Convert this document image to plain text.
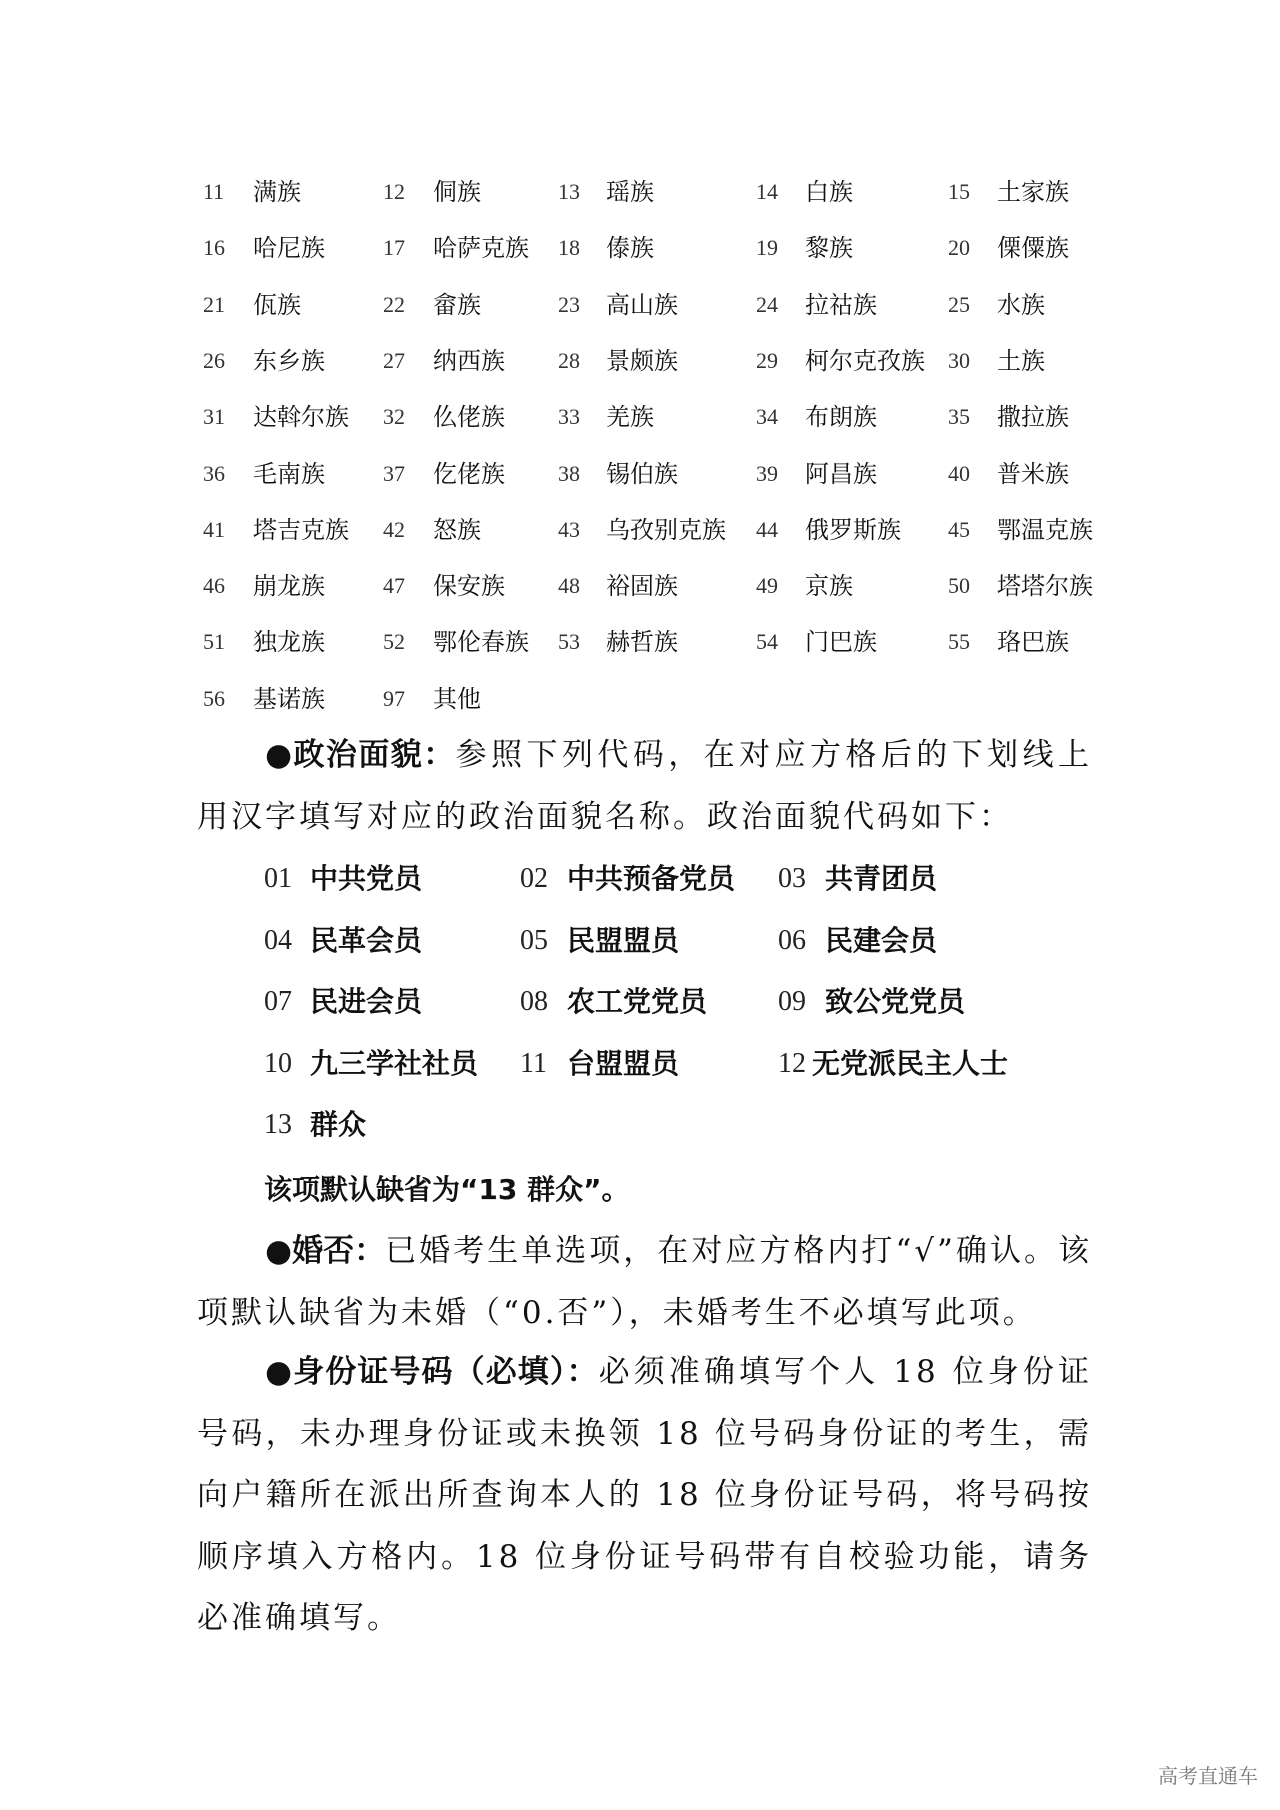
11 满族	12 侗族	13 瑶族	14 白族	15 土家族
16 哈尼族	17 哈萨克族 18 傣族	19 黎族	20 傈僳族
21 佤族	22 畲族	23 高山族	24 拉祜族	25 水族
26 东乡族	27 纳西族 28 景颇族	29 柯尔克孜族 30 土族
31 达斡尔族 32 仫佬族 33 羌族	34 布朗族	35 撒拉族
36 毛南族	37 仡佬族 38 锡伯族	39 阿昌族	40 普米族
41 塔吉克族 42 怒族	43 乌孜别克族 44 俄罗斯族 45 鄂温克族
46 崩龙族	47 保安族 48 裕固族	49 京族	50 塔塔尔族
51 独龙族	52 鄂伦春族 53 赫哲族	54 门巴族	55 珞巴族
56 基诺族	97 其他

●政治面貌：参照下列代码，在对应方格后的下划线上用汉字填写对应的政治面貌名称。政治面貌代码如下：

01 中共党员	02 中共预备党员 03 共青团员
04 民革会员	05 民盟盟员	06 民建会员
07 民进会员	08 农工党党员	09 致公党党员
10 九三学社社员 11 台盟盟员	12 无党派民主人士
13 群众
该项默认缺省为“13 群众”。

●婚否：已婚考生单选项，在对应方格内打“√”确认。该项默认缺省为未婚（“0.否”），未婚考生不必填写此项。

●身份证号码（必填）：必须准确填写个人 18 位身份证号码，未办理身份证或未换领 18 位号码身份证的考生，需向户籍所在派出所查询本人的 18 位身份证号码，将号码按顺序填入方格内。18 位身份证号码带有自校验功能，请务必准确填写。

高考直通车
